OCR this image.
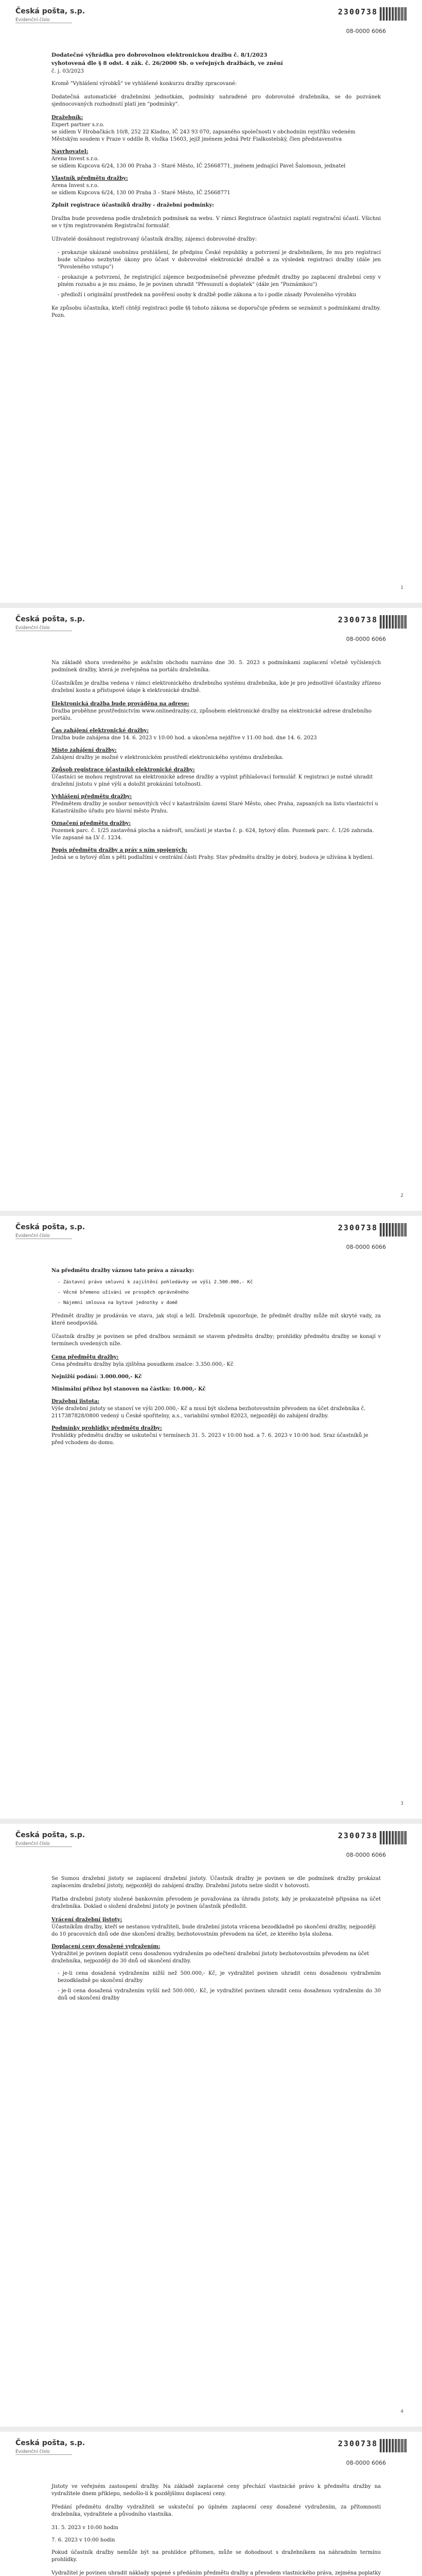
Česká pošta, s.p.
Evidenční číslo
2300738
08-0000 6066
Dodatečné výhrádka pro dobrovolnou elektronickou dražbu č. 8/1/2023
vyhotovená dle § 8 odst. 4 zák. č. 26/2000 Sb. o veřejných dražbách, ve znění
č. j. 03/2023

Kromě "Vyhlášení výrobků" ve vyhlášené konkurzu dražby zpracované:

Dodatečná automatické dražebními jednotkám, podmínky nahraďené pro dobrovolné dražebníka, se do pozvánek sjednocovaných rozhodnutí platí jen "podmínky".

Dražebník:
Expert partner s.r.o.
se sídlem V Hrobačkách 10/8, 252 22 Kladno, IČ 243 93 070, zapsaného společnosti v obchodním rejstříku vedeném Městským soudem v Praze v oddíle B, vložka 15603, jejíž jménem jedná Petr Fialkostelský, člen představenstva
Navrhovatel:
Arena Invest s.r.o.
se sídlem Kupcova 6/24, 130 00 Praha 3 - Staré Město, IČ 25668771, jménem jednající Pavel Šalomoun, jednatel
Vlastník předmětu dražby:
Arena Invest s.r.o.
se sídlem Kupcova 6/24, 130 00 Praha 3 - Staré Město, IČ 25668771

Zplnit registrace účastníků dražby - dražební podmínky:

Dražba bude provedena podle dražebních podmínek na webu. V rámci Registrace účastníci zaplatí registrační účastí. Všichni se v tým registrovaném Registrační formulář.

Uživatelé dosáhnout registrovaný účastník dražby, zájemci dobrovolné dražby:

- prokazuje ukázané osobnímu prohlášení, že předpisu České republiky a potvrzení je dražebníkem, že mu pro registraci bude učiněno nezbytné úkony pro účast v dobrovolné elektronické dražbě a za výsledek registraci dražby (dále jen "Povoleného vstupu")
- prokazuje a potvrzení, že registrující zájemce bezpodmínečně převezme předmět dražby po zaplacení dražební ceny v plném rozsahu a je mu známo, že je povinen uhradit "Přesunutí a doplatek" (dále jen "Poznámkou")
- předloží i originální prostředek na pověření osoby k dražbě podle zákona a to i podle zásady Povoleného výrobku

Ke způsobu účastníka, kteří chtějí registraci podle §§ tohoto zákona se doporučuje předem se seznámit s podmínkami dražby. Pozn.

1
Česká pošta, s.p.
Evidenční číslo
2300738
08-0000 6066

Na základě shora uvedeného je aukčním obchodu nazváno dne 30. 5. 2023 s podmínkami zaplacení včetně vyčíslených podmínek dražby, která je zveřejněna na portálu dražebníka.

Účastníkům je dražba vedena v rámci elektronického dražebního systému dražebníka, kde je pro jednotlivé účastníky zřízeno dražební konto a přístupové údaje k elektronické dražbě.

Elektronická dražba bude prováděna na adrese:
Dražba proběhne prostřednictvím www.onlinedrazby.cz, způsobem elektronické dražby na elektronické adrese dražebního portálu.
Čas zahájení elektronické dražby:
Dražba bude zahájena dne 14. 6. 2023 v 10:00 hod. a ukončena nejdříve v 11:00 hod. dne 14. 6. 2023
Místo zahájení dražby:
Zahájení dražby je možné v elektronickém prostředí elektronického systému dražebníka.
Způsob registrace účastníků elektronické dražby:
Účastníci se mohou registrovat na elektronické adrese dražby a vyplnit přihlašovací formulář. K registraci je nutné uhradit dražební jistotu v plné výši a doložit prokázání totožnosti.
Vyhlášení předmětu dražby:
Předmětem dražby je soubor nemovitých věcí v katastrálním území Staré Město, obec Praha, zapsaných na listu vlastnictví u Katastrálního úřadu pro hlavní město Prahu.
Označení předmětu dražby:
Pozemek parc. č. 1/25 zastavěná plocha a nádvoří, součástí je stavba č. p. 624, bytový dům. Pozemek parc. č. 1/26 zahrada. Vše zapsané na LV č. 1234.
Popis předmětu dražby a práv s ním spojených:
Jedná se o bytový dům s pěti podlažími v centrální části Prahy. Stav předmětu dražby je dobrý, budova je užívána k bydlení.
2
Česká pošta, s.p.
Evidenční číslo
2300738
08-0000 6066
Na předmětu dražby váznou tato práva a závazky:
- Zástavní právo smluvní k zajištění pohledávky ve výši 2.500.000,- Kč
- Věcné břemeno užívání ve prospěch oprávněného
- Nájemní smlouva na bytové jednotky v domě

Předmět dražby je prodáván ve stavu, jak stojí a leží. Dražebník upozorňuje, že předmět dražby může mít skryté vady, za které neodpovídá.

Účastník dražby je povinen se před dražbou seznámit se stavem předmětu dražby; prohlídky předmětu dražby se konají v termínech uvedených níže.

Cena předmětu dražby:
Cena předmětu dražby byla zjištěna posudkem znalce: 3.350.000,- Kč
Nejnižší podání: 3.000.000,- Kč
Minimální příhoz byl stanoven na částku: 10.000,- Kč
Dražební jistota:
Výše dražební jistoty se stanoví ve výši 200.000,- Kč a musí být složena bezhotovostním převodem na účet dražebníka č. 2117387828/0800 vedený u České spořitelny, a.s., variabilní symbol 82023, nejpozději do zahájení dražby.
Podmínky prohlídky předmětu dražby:
Prohlídky předmětu dražby se uskuteční v termínech 31. 5. 2023 v 10:00 hod. a 7. 6. 2023 v 10:00 hod. Sraz účastníků je před vchodem do domu.
3
Česká pošta, s.p.
Evidenční číslo
2300738
08-0000 6066

Se Sumou dražební jistoty se zaplacení dražební jistoty. Účastník dražby je povinen se dle podmínek dražby prokázat zaplacením dražební jistoty, nejpozději do zahájení dražby. Dražební jistotu nelze složit v hotovosti.

Platba dražební jistoty složené bankovním převodem je považována za úhradu jistoty, kdy je prokazatelně připsána na účet dražebníka. Doklad o složení dražební jistoty je povinen účastník předložit.

Vrácení dražební jistoty:
Účastníkům dražby, kteří se nestanou vydražiteli, bude dražební jistota vrácena bezodkladně po skončení dražby, nejpozději do 10 pracovních dnů ode dne skončení dražby, bezhotovostním převodem na účet, ze kterého byla složena.
Doplacení ceny dosažené vydražením:
Vydražitel je povinen doplatit cenu dosaženou vydražením po odečtení dražební jistoty bezhotovostním převodem na účet dražebníka, nejpozději do 30 dnů od skončení dražby.
- je-li cena dosažená vydražením nižší než 500.000,- Kč, je vydražitel povinen uhradit cenu dosaženou vydražením bezodkladně po skončení dražby
- je-li cena dosažená vydražením vyšší než 500.000,- Kč, je vydražitel povinen uhradit cenu dosaženou vydražením do 30 dnů od skončení dražby
4
Česká pošta, s.p.
Evidenční číslo
2300738
08-0000 6066

Jistoty ve veřejném zastoupení dražby. Na základě zaplacené ceny přechází vlastnické právo k předmětu dražby na vydražitele dnem příklepu, nedošlo-li k pozdějšímu doplacení ceny.

Předání předmětu dražby vydražiteli se uskuteční po úplném zaplacení ceny dosažené vydražením, za přítomnosti dražebníka, vydražitele a původního vlastníka.

31. 5. 2023 v 10:00 hodin
7. 6. 2023 v 10:00 hodin

Pokud účastník dražby nemůže být na prohlídce přítomen, může se dohodnout s dražebníkem na náhradním termínu prohlídky.

Vydražitel je povinen uhradit náklady spojené s předáním předmětu dražby a převodem vlastnického práva, zejména poplatky
